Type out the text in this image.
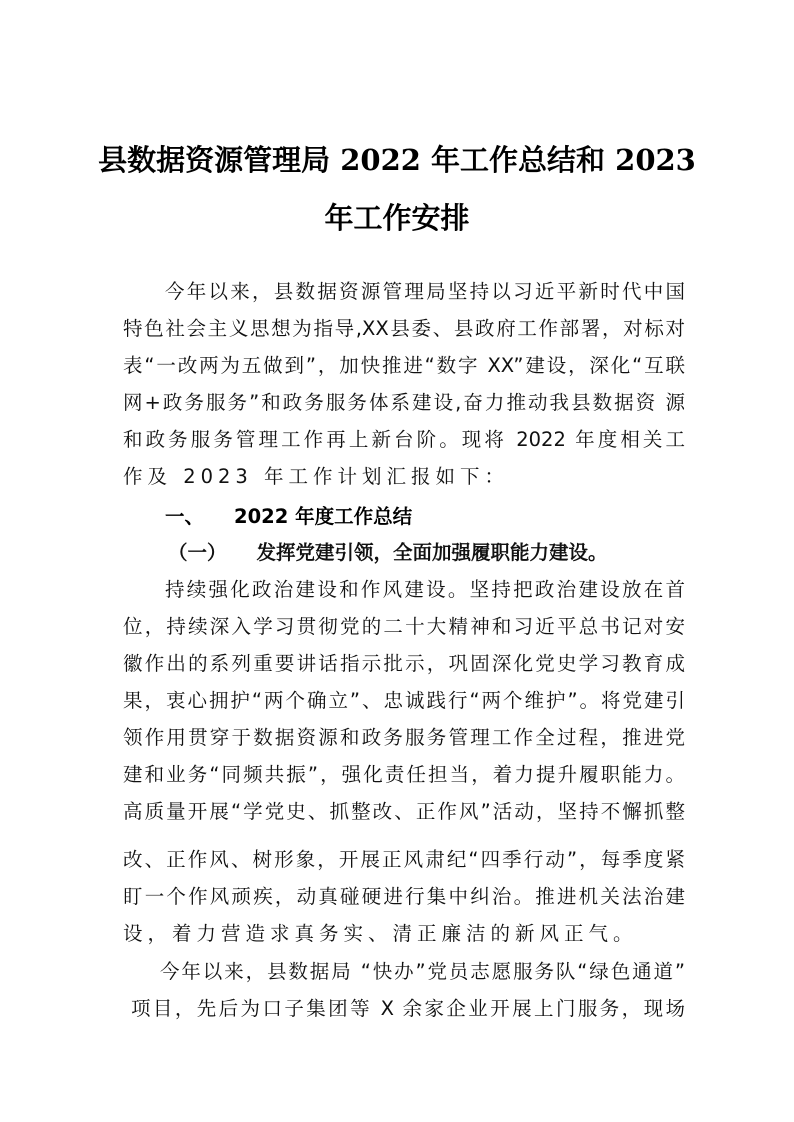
县数据资源管理局 2022 年工作总结和 2023
年工作安排
今年以来，县数据资源管理局坚持以习近平新时代中国
特色社会主义思想为指导,XX县委、县政府工作部署，对标对
表“一改两为五做到”，加快推进“数字 XX”建设，深化“互联
网+政务服务”和政务服务体系建设,奋力推动我县数据资 源
和政务服务管理工作再上新台阶。现将 2022 年度相关工
作及 2023 年工作计划汇报如下：
一、 2022 年度工作总结
（一） 发挥党建引领，全面加强履职能力建设。
持续强化政治建设和作风建设。坚持把政治建设放在首
位，持续深入学习贯彻党的二十大精神和习近平总书记对安
徽作出的系列重要讲话指示批示，巩固深化党史学习教育成
果，衷心拥护“两个确立”、忠诚践行“两个维护”。将党建引
领作用贯穿于数据资源和政务服务管理工作全过程，推进党
建和业务“同频共振”，强化责任担当，着力提升履职能力。
高质量开展“学党史、抓整改、正作风”活动，坚持不懈抓整
改、正作风、树形象，开展正风肃纪“四季行动”，每季度紧
盯一个作风顽疾，动真碰硬进行集中纠治。推进机关法治建
设，着力营造求真务实、清正廉洁的新风正气。
今年以来，县数据局 “快办”党员志愿服务队“绿色通道”
项目，先后为口子集团等 X 余家企业开展上门服务，现场
